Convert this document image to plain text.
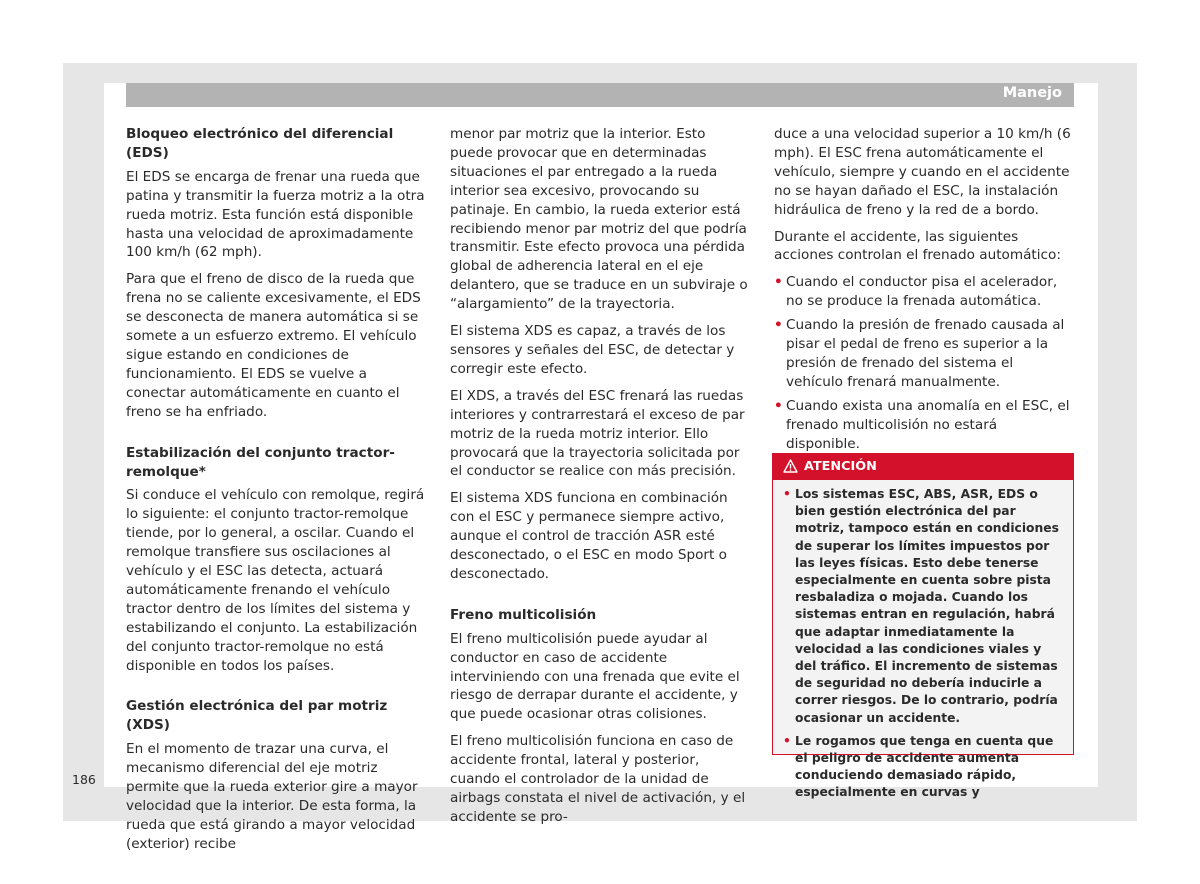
Manejo
Bloqueo electrónico del diferencial (EDS)

El EDS se encarga de frenar una rueda que patina y transmitir la fuerza motriz a la otra rueda motriz. Esta función está disponible hasta una velocidad de aproximadamente 100 km/h (62 mph).

Para que el freno de disco de la rueda que frena no se caliente excesivamente, el EDS se desconecta de manera automática si se somete a un esfuerzo extremo. El vehículo sigue estando en condiciones de funcionamiento. El EDS se vuelve a conectar automáticamente en cuanto el freno se ha enfriado.

Estabilización del conjunto tractor-remolque*

Si conduce el vehículo con remolque, regirá lo siguiente: el conjunto tractor-remolque tiende, por lo general, a oscilar. Cuando el remolque transfiere sus oscilaciones al vehículo y el ESC las detecta, actuará automáticamente frenando el vehículo tractor dentro de los límites del sistema y estabilizando el conjunto. La estabilización del conjunto tractor-remolque no está disponible en todos los países.

Gestión electrónica del par motriz (XDS)

En el momento de trazar una curva, el mecanismo diferencial del eje motriz permite que la rueda exterior gire a mayor velocidad que la interior. De esta forma, la rueda que está girando a mayor velocidad (exterior) recibe

menor par motriz que la interior. Esto puede provocar que en determinadas situaciones el par entregado a la rueda interior sea excesivo, provocando su patinaje. En cambio, la rueda exterior está recibiendo menor par motriz del que podría transmitir. Este efecto provoca una pérdida global de adherencia lateral en el eje delantero, que se traduce en un subviraje o “alargamiento” de la trayectoria.

El sistema XDS es capaz, a través de los sensores y señales del ESC, de detectar y corregir este efecto.

El XDS, a través del ESC frenará las ruedas interiores y contrarrestará el exceso de par motriz de la rueda motriz interior. Ello provocará que la trayectoria solicitada por el conductor se realice con más precisión.

El sistema XDS funciona en combinación con el ESC y permanece siempre activo, aunque el control de tracción ASR esté desconectado, o el ESC en modo Sport o desconectado.

Freno multicolisión

El freno multicolisión puede ayudar al conductor en caso de accidente interviniendo con una frenada que evite el riesgo de derrapar durante el accidente, y que puede ocasionar otras colisiones.

El freno multicolisión funciona en caso de accidente frontal, lateral y posterior, cuando el controlador de la unidad de airbags constata el nivel de activación, y el accidente se pro-

duce a una velocidad superior a 10 km/h (6 mph). El ESC frena automáticamente el vehículo, siempre y cuando en el accidente no se hayan dañado el ESC, la instalación hidráulica de freno y la red de a bordo.

Durante el accidente, las siguientes acciones controlan el frenado automático:

• Cuando el conductor pisa el acelerador, no se produce la frenada automática.
• Cuando la presión de frenado causada al pisar el pedal de freno es superior a la presión de frenado del sistema el vehículo frenará manualmente.
• Cuando exista una anomalía en el ESC, el frenado multicolisión no estará disponible.
ATENCIÓN
• Los sistemas ESC, ABS, ASR, EDS o bien gestión electrónica del par motriz, tampoco están en condiciones de superar los límites impuestos por las leyes físicas. Esto debe tenerse especialmente en cuenta sobre pista resbaladiza o mojada. Cuando los sistemas entran en regulación, habrá que adaptar inmediatamente la velocidad a las condiciones viales y del tráfico. El incremento de sistemas de seguridad no debería inducirle a correr riesgos. De lo contrario, podría ocasionar un accidente.
• Le rogamos que tenga en cuenta que el peligro de accidente aumenta conduciendo demasiado rápido, especialmente en curvas y
186
